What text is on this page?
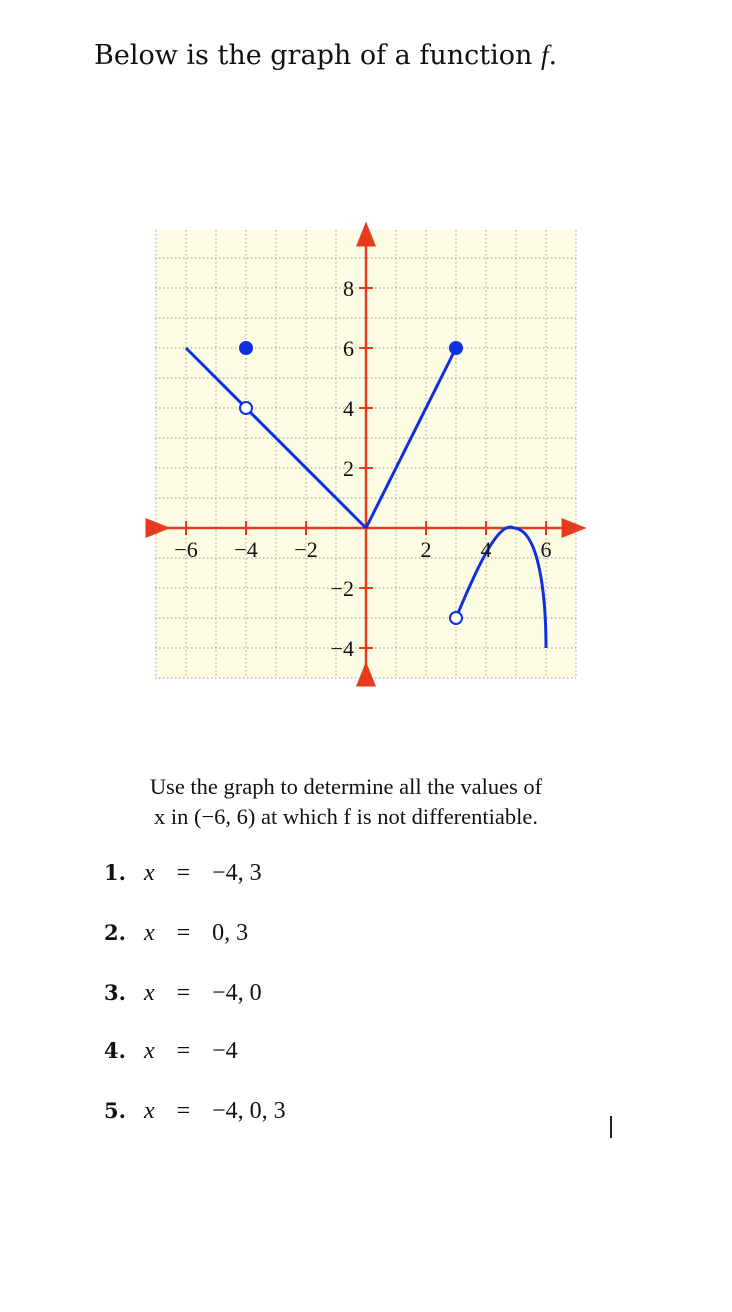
Below is the graph of a function f.
−6 −4 −2	2 4 6
8
6
4
2
−2
−4
Use the graph to determine all the values of
x in (−6, 6) at which f is not differentiable.
1. x = −4, 3
2. x = 0, 3
3. x = −4, 0
4. x = −4
5. x = −4, 0, 3
